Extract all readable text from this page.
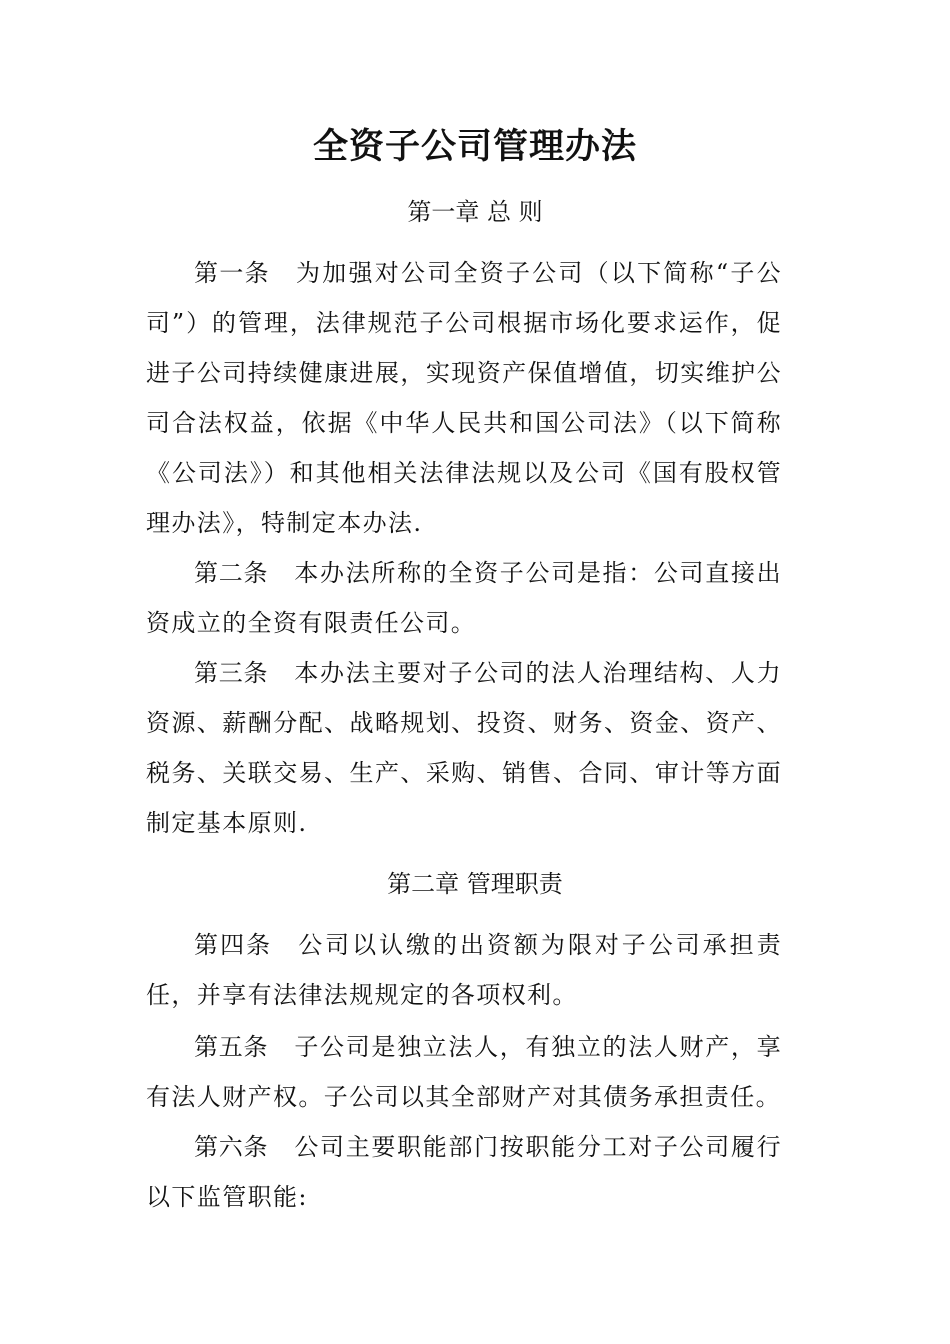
全资子公司管理办法
第一章 总 则

第一条 为加强对公司全资子公司（以下简称“子公司”）的管理，法律规范子公司根据市场化要求运作，促进子公司持续健康进展，实现资产保值增值，切实维护公司合法权益，依据《中华人民共和国公司法》（以下简称《公司法》）和其他相关法律法规以及公司《国有股权管理办法》，特制定本办法.

第二条 本办法所称的全资子公司是指：公司直接出资成立的全资有限责任公司。

第三条 本办法主要对子公司的法人治理结构、人力资源、薪酬分配、战略规划、投资、财务、资金、资产、税务、关联交易、生产、采购、销售、合同、审计等方面制定基本原则.

第二章 管理职责

第四条 公司以认缴的出资额为限对子公司承担责任，并享有法律法规规定的各项权利。

第五条 子公司是独立法人，有独立的法人财产，享有法人财产权。子公司以其全部财产对其债务承担责任。

第六条 公司主要职能部门按职能分工对子公司履行以下监管职能:
